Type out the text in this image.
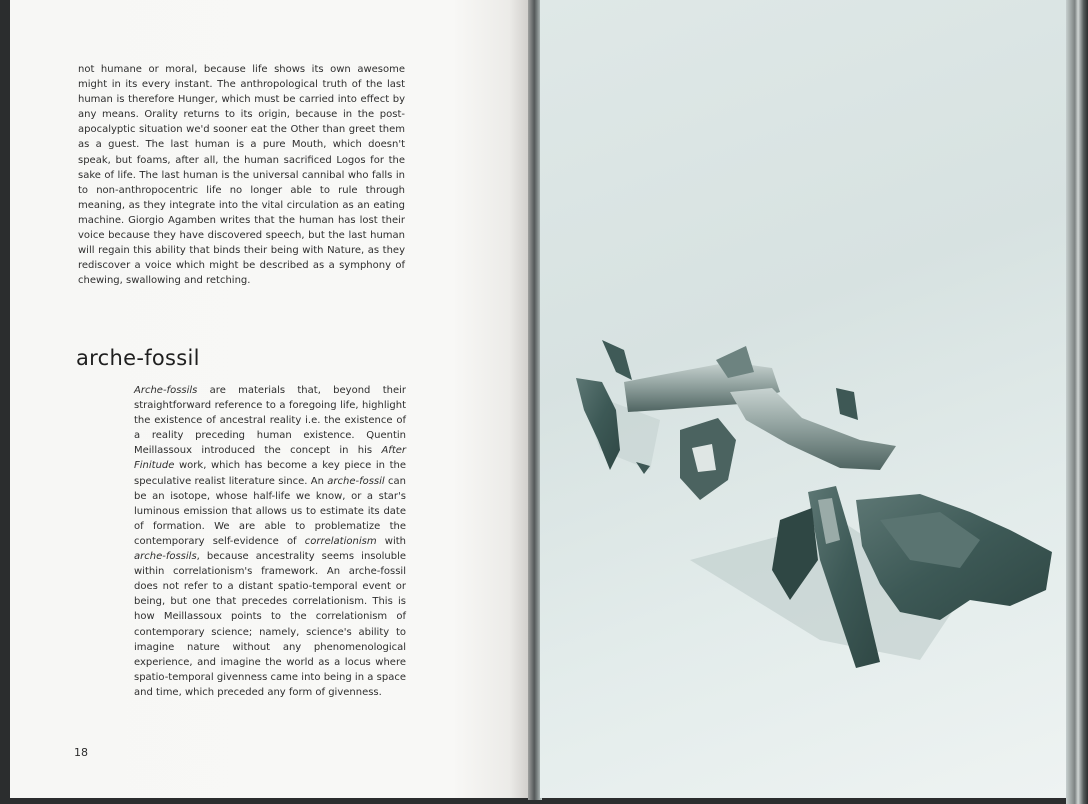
not humane or moral, because life shows its own awesome might in its every instant. The anthropological truth of the last human is therefore Hunger, which must be carried into effect by any means. Orality returns to its origin, because in the post-apocalyptic situation we'd sooner eat the Other than greet them as a guest. The last human is a pure Mouth, which doesn't speak, but foams, after all, the human sacrificed Logos for the sake of life. The last human is the universal cannibal who falls in to non-anthropocentric life no longer able to rule through meaning, as they integrate into the vital circulation as an eating machine. Giorgio Agamben writes that the human has lost their voice because they have discovered speech, but the last human will regain this ability that binds their being with Nature, as they rediscover a voice which might be described as a symphony of chewing, swallowing and retching.

arche-fossil

Arche-fossils are materials that, beyond their straightforward reference to a foregoing life, highlight the existence of ancestral reality i.e. the existence of a reality preceding human existence. Quentin Meillassoux introduced the concept in his After Finitude work, which has become a key piece in the speculative realist literature since. An arche-fossil can be an isotope, whose half-life we know, or a star's luminous emission that allows us to estimate its date of formation. We are able to problematize the contemporary self-evidence of correlationism with arche-fossils, because ancestrality seems insoluble within correlationism's framework. An arche-fossil does not refer to a distant spatio-temporal event or being, but one that precedes correlationism. This is how Meillassoux points to the correlationism of contemporary science; namely, science's ability to imagine nature without any phenomenological experience, and imagine the world as a locus where spatio-temporal givenness came into being in a space and time, which preceded any form of givenness.

18
